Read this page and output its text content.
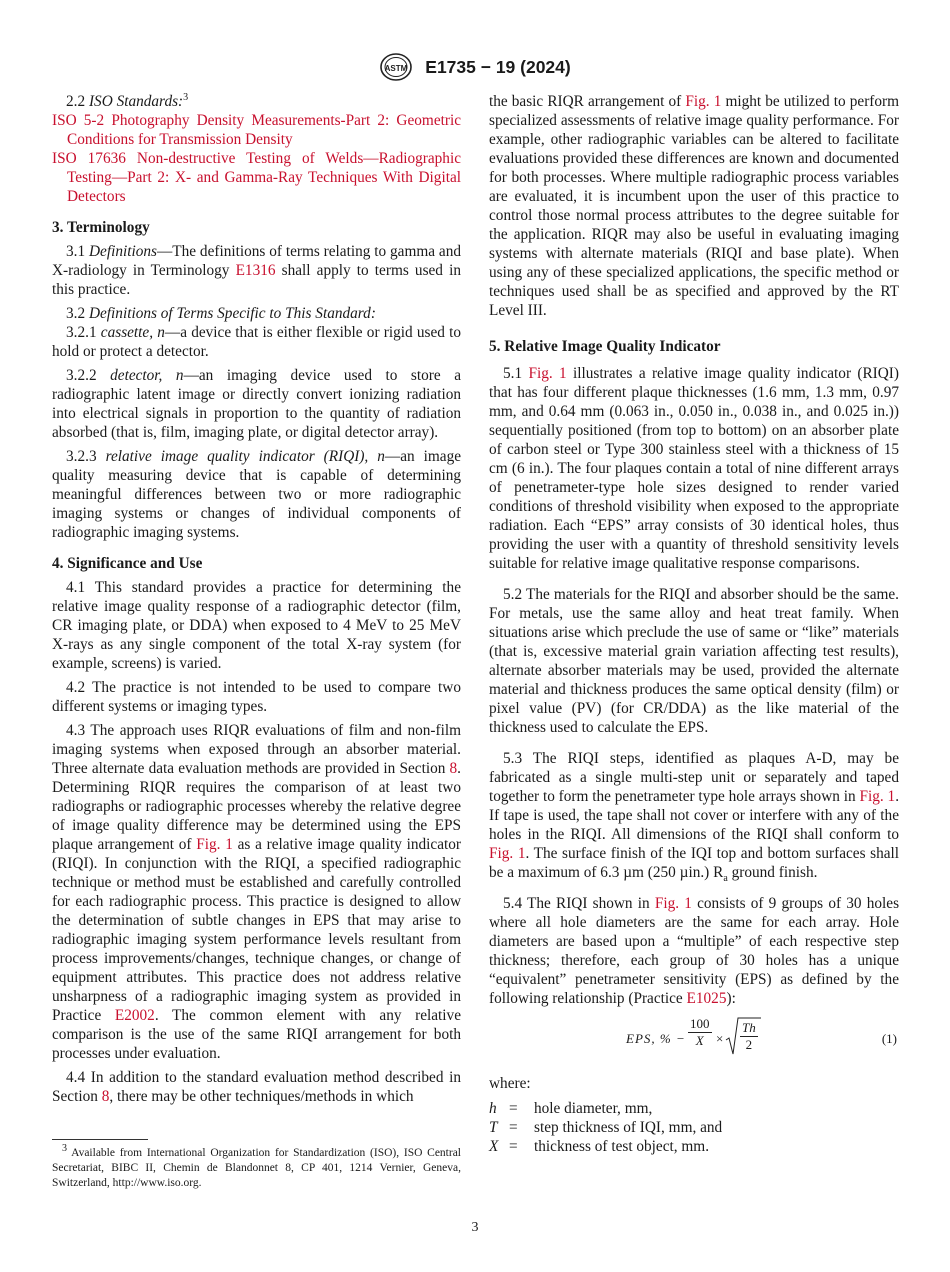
ASTM E1735 − 19 (2024)

2.2 ISO Standards:$^3$

ISO 5-2 Photography Density Measurements-Part 2: Geometric Conditions for Transmission Density

ISO 17636 Non-destructive Testing of Welds—Radiographic Testing—Part 2: X- and Gamma-Ray Techniques With Digital Detectors

3. Terminology

3.1 Definitions—The definitions of terms relating to gamma and X-radiology in Terminology E1316 shall apply to terms used in this practice.

3.2 Definitions of Terms Specific to This Standard:

3.2.1 cassette, n—a device that is either flexible or rigid used to hold or protect a detector.

3.2.2 detector, n—an imaging device used to store a radiographic latent image or directly convert ionizing radiation into electrical signals in proportion to the quantity of radiation absorbed (that is, film, imaging plate, or digital detector array).

3.2.3 relative image quality indicator (RIQI), n—an image quality measuring device that is capable of determining meaningful differences between two or more radiographic imaging systems or changes of individual components of radiographic imaging systems.

4. Significance and Use

4.1 This standard provides a practice for determining the relative image quality response of a radiographic detector (film, CR imaging plate, or DDA) when exposed to 4 MeV to 25 MeV X-rays as any single component of the total X-ray system (for example, screens) is varied.

4.2 The practice is not intended to be used to compare two different systems or imaging types.

4.3 The approach uses RIQR evaluations of film and non-film imaging systems when exposed through an absorber material. Three alternate data evaluation methods are provided in Section 8. Determining RIQR requires the comparison of at least two radiographs or radiographic processes whereby the relative degree of image quality difference may be determined using the EPS plaque arrangement of Fig. 1 as a relative image quality indicator (RIQI). In conjunction with the RIQI, a specified radiographic technique or method must be established and carefully controlled for each radiographic process. This practice is designed to allow the determination of subtle changes in EPS that may arise to radiographic imaging system performance levels resultant from process improvements/changes, technique changes, or change of equipment attributes. This practice does not address relative unsharpness of a radiographic imaging system as provided in Practice E2002. The common element with any relative comparison is the use of the same RIQI arrangement for both processes under evaluation.

4.4 In addition to the standard evaluation method described in Section 8, there may be other techniques/methods in which

the basic RIQR arrangement of Fig. 1 might be utilized to perform specialized assessments of relative image quality performance. For example, other radiographic variables can be altered to facilitate evaluations provided these differences are known and documented for both processes. Where multiple radiographic process variables are evaluated, it is incumbent upon the user of this practice to control those normal process attributes to the degree suitable for the application. RIQR may also be useful in evaluating imaging systems with alternate materials (RIQI and base plate). When using any of these specialized applications, the specific method or techniques used shall be as specified and approved by the RT Level III.

5. Relative Image Quality Indicator

5.1 Fig. 1 illustrates a relative image quality indicator (RIQI) that has four different plaque thicknesses (1.6 mm, 1.3 mm, 0.97 mm, and 0.64 mm (0.063 in., 0.050 in., 0.038 in., and 0.025 in.)) sequentially positioned (from top to bottom) on an absorber plate of carbon steel or Type 300 stainless steel with a thickness of 15 cm (6 in.). The four plaques contain a total of nine different arrays of penetrameter-type hole sizes designed to render varied conditions of threshold visibility when exposed to the appropriate radiation. Each “EPS” array consists of 30 identical holes, thus providing the user with a quantity of threshold sensitivity levels suitable for relative image qualitative response comparisons.

5.2 The materials for the RIQI and absorber should be the same. For metals, use the same alloy and heat treat family. When situations arise which preclude the use of same or “like” materials (that is, excessive material grain variation affecting test results), alternate absorber materials may be used, provided the alternate material and thickness produces the same optical density (film) or pixel value (PV) (for CR/DDA) as the like material of the thickness used to calculate the EPS.

5.3 The RIQI steps, identified as plaques A-D, may be fabricated as a single multi-step unit or separately and taped together to form the penetrameter type hole arrays shown in Fig. 1. If tape is used, the tape shall not cover or interfere with any of the holes in the RIQI. All dimensions of the RIQI shall conform to Fig. 1. The surface finish of the IQI top and bottom surfaces shall be a maximum of 6.3 µm (250 µin.) $R_a$ ground finish.

5.4 The RIQI shown in Fig. 1 consists of 9 groups of 30 holes where all hole diameters are the same for each array. Hole diameters are based upon a “multiple” of each respective step thickness; therefore, each group of 30 holes has a unique “equivalent” penetrameter sensitivity (EPS) as defined by the following relationship (Practice E1025):

EPS, % − $\frac{100}{X} \times \frac{Th}{2}$	(1)

where:

h =	hole diameter, mm,
T =	step thickness of IQI, mm, and
X =	thickness of test object, mm.
$^3$ Available from International Organization for Standardization (ISO), ISO Central Secretariat, BIBC II, Chemin de Blandonnet 8, CP 401, 1214 Vernier, Geneva, Switzerland, http://www.iso.org.
3
